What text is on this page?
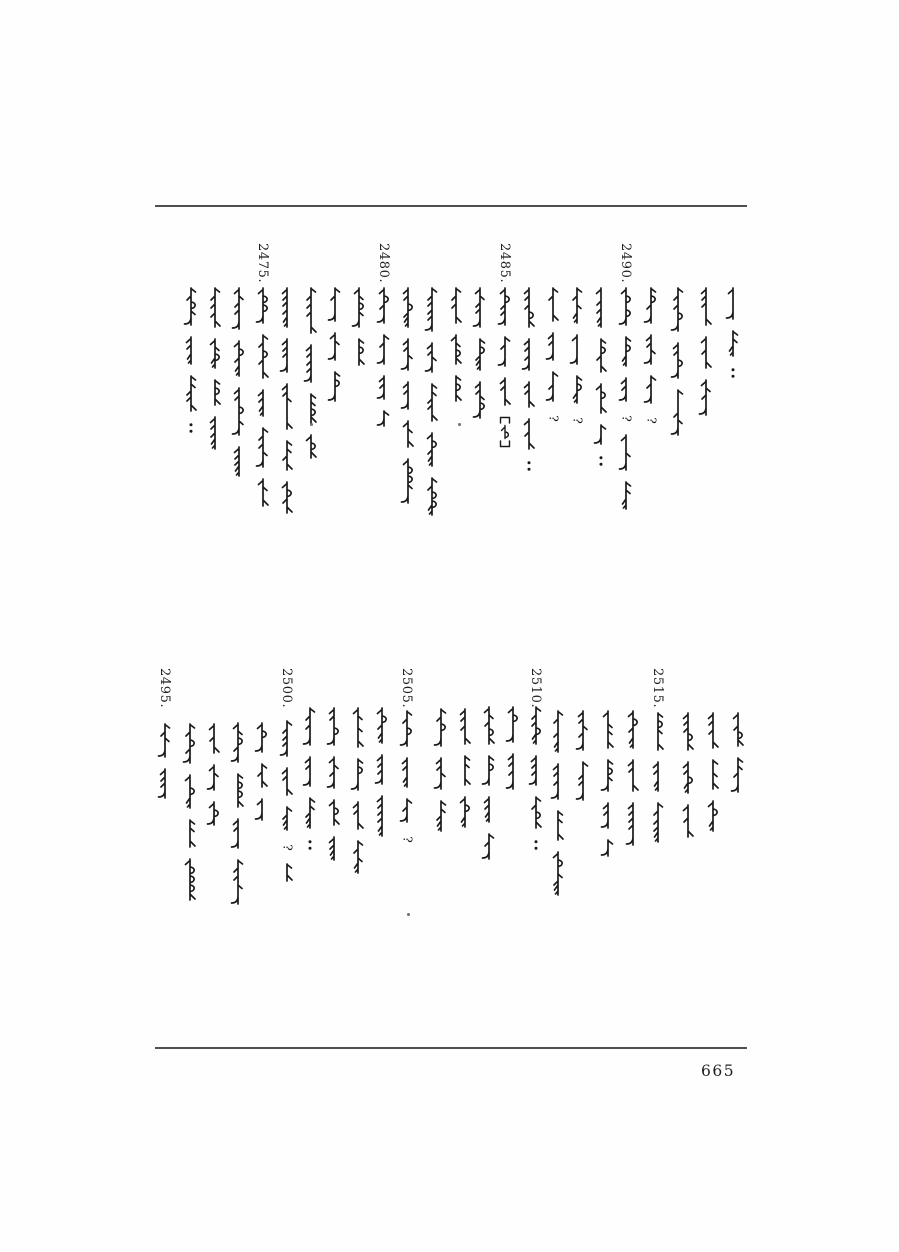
2475.	2480.	2485.
? ?	?
2490.
?
2495.
?
2500.
?
2505.	2510.	2515.
665
